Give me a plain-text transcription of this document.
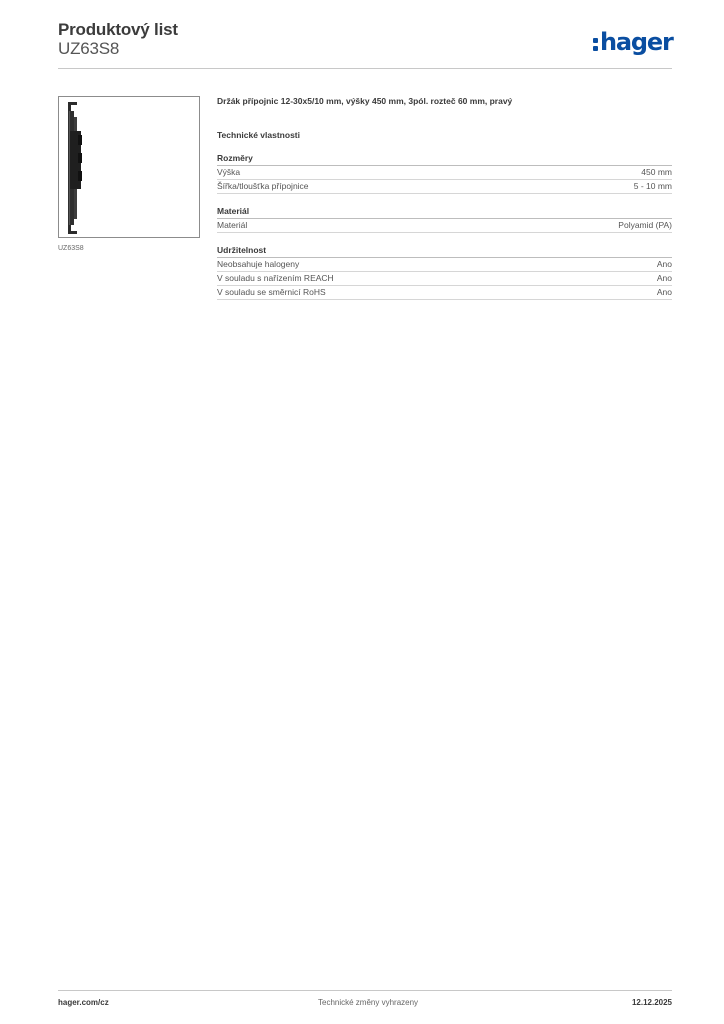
Produktový list
UZ63S8	hager
UZ63S8
Držák přípojnic 12-30x5/10 mm, výšky 450 mm, 3pól. rozteč 60 mm, pravý
Technické vlastnosti
Rozměry
Výška	450 mm
Šířka/tloušťka přípojnice	5 - 10 mm
Materiál
Materiál	Polyamid (PA)
Udržitelnost
Neobsahuje halogeny	Ano
V souladu s nařízením REACH	Ano
V souladu se směrnicí RoHS	Ano
hager.com/cz	Technické změny vyhrazeny	12.12.2025
